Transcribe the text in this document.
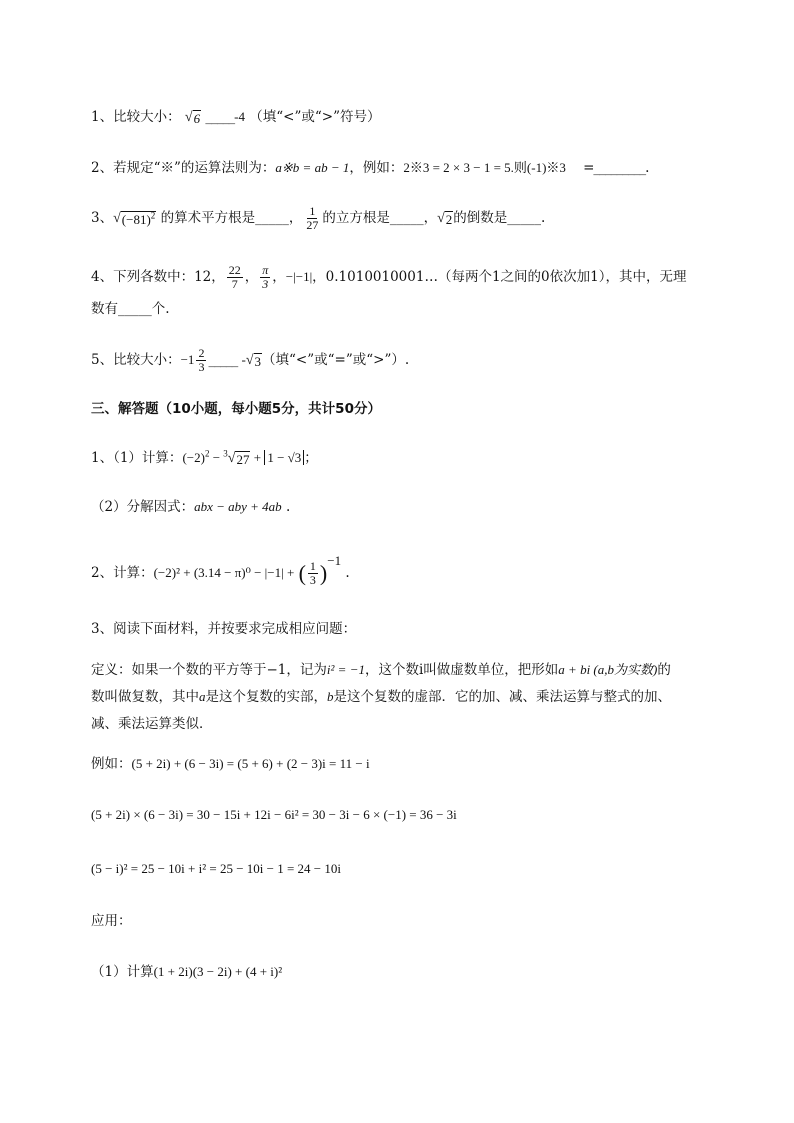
1、比较大小： √ 6 _____-4 （填“<”或“>”符号）
2、若规定“※”的运算法则为：a※b = ab − 1，例如：2※3 = 2 × 3 − 1 = 5.则(-1)※3 =_________.
3、 √ $(-81)^2$ 的算术平方根是_____， $\frac{1}{27}$ 的立方根是_____， √ 2 的倒数是_____.
4、下列各数中：12， $\frac{22}{7}$ ， $\frac{\pi}{3}$ ，−|−1|，0.1010010001…（每两个1之间的0依次加1），其中，无理
数有_____个.
5、比较大小：$-1 \frac{2}{3}$ _____ - √ 3 （填“<”或“=”或“>”）.
三、解答题（10小题，每小题5分，共计50分）
1、（1）计算：$(-2)^2 - ^3$ √ 27 + 1 − √3 ；
（2）分解因式：abx − aby + 4ab .
2、计算：(−2)² + (3.14 − π)⁰ − |−1| + ( $\frac{1}{3} )^{-1}$ .
3、阅读下面材料，并按要求完成相应问题：
定义：如果一个数的平方等于−1，记为i² = −1，这个数i叫做虚数单位，把形如a + bi (a,b为实数)的
数叫做复数，其中a是这个复数的实部，b是这个复数的虚部．它的加、减、乘法运算与整式的加、
减、乘法运算类似．
例如：(5 + 2i) + (6 − 3i) = (5 + 6) + (2 − 3)i = 11 − i
(5 + 2i) × (6 − 3i) = 30 − 15i + 12i − 6i² = 30 − 3i − 6 × (−1) = 36 − 3i
(5 − i)² = 25 − 10i + i² = 25 − 10i − 1 = 24 − 10i
应用：
（1）计算(1 + 2i)(3 − 2i) + (4 + i)²
